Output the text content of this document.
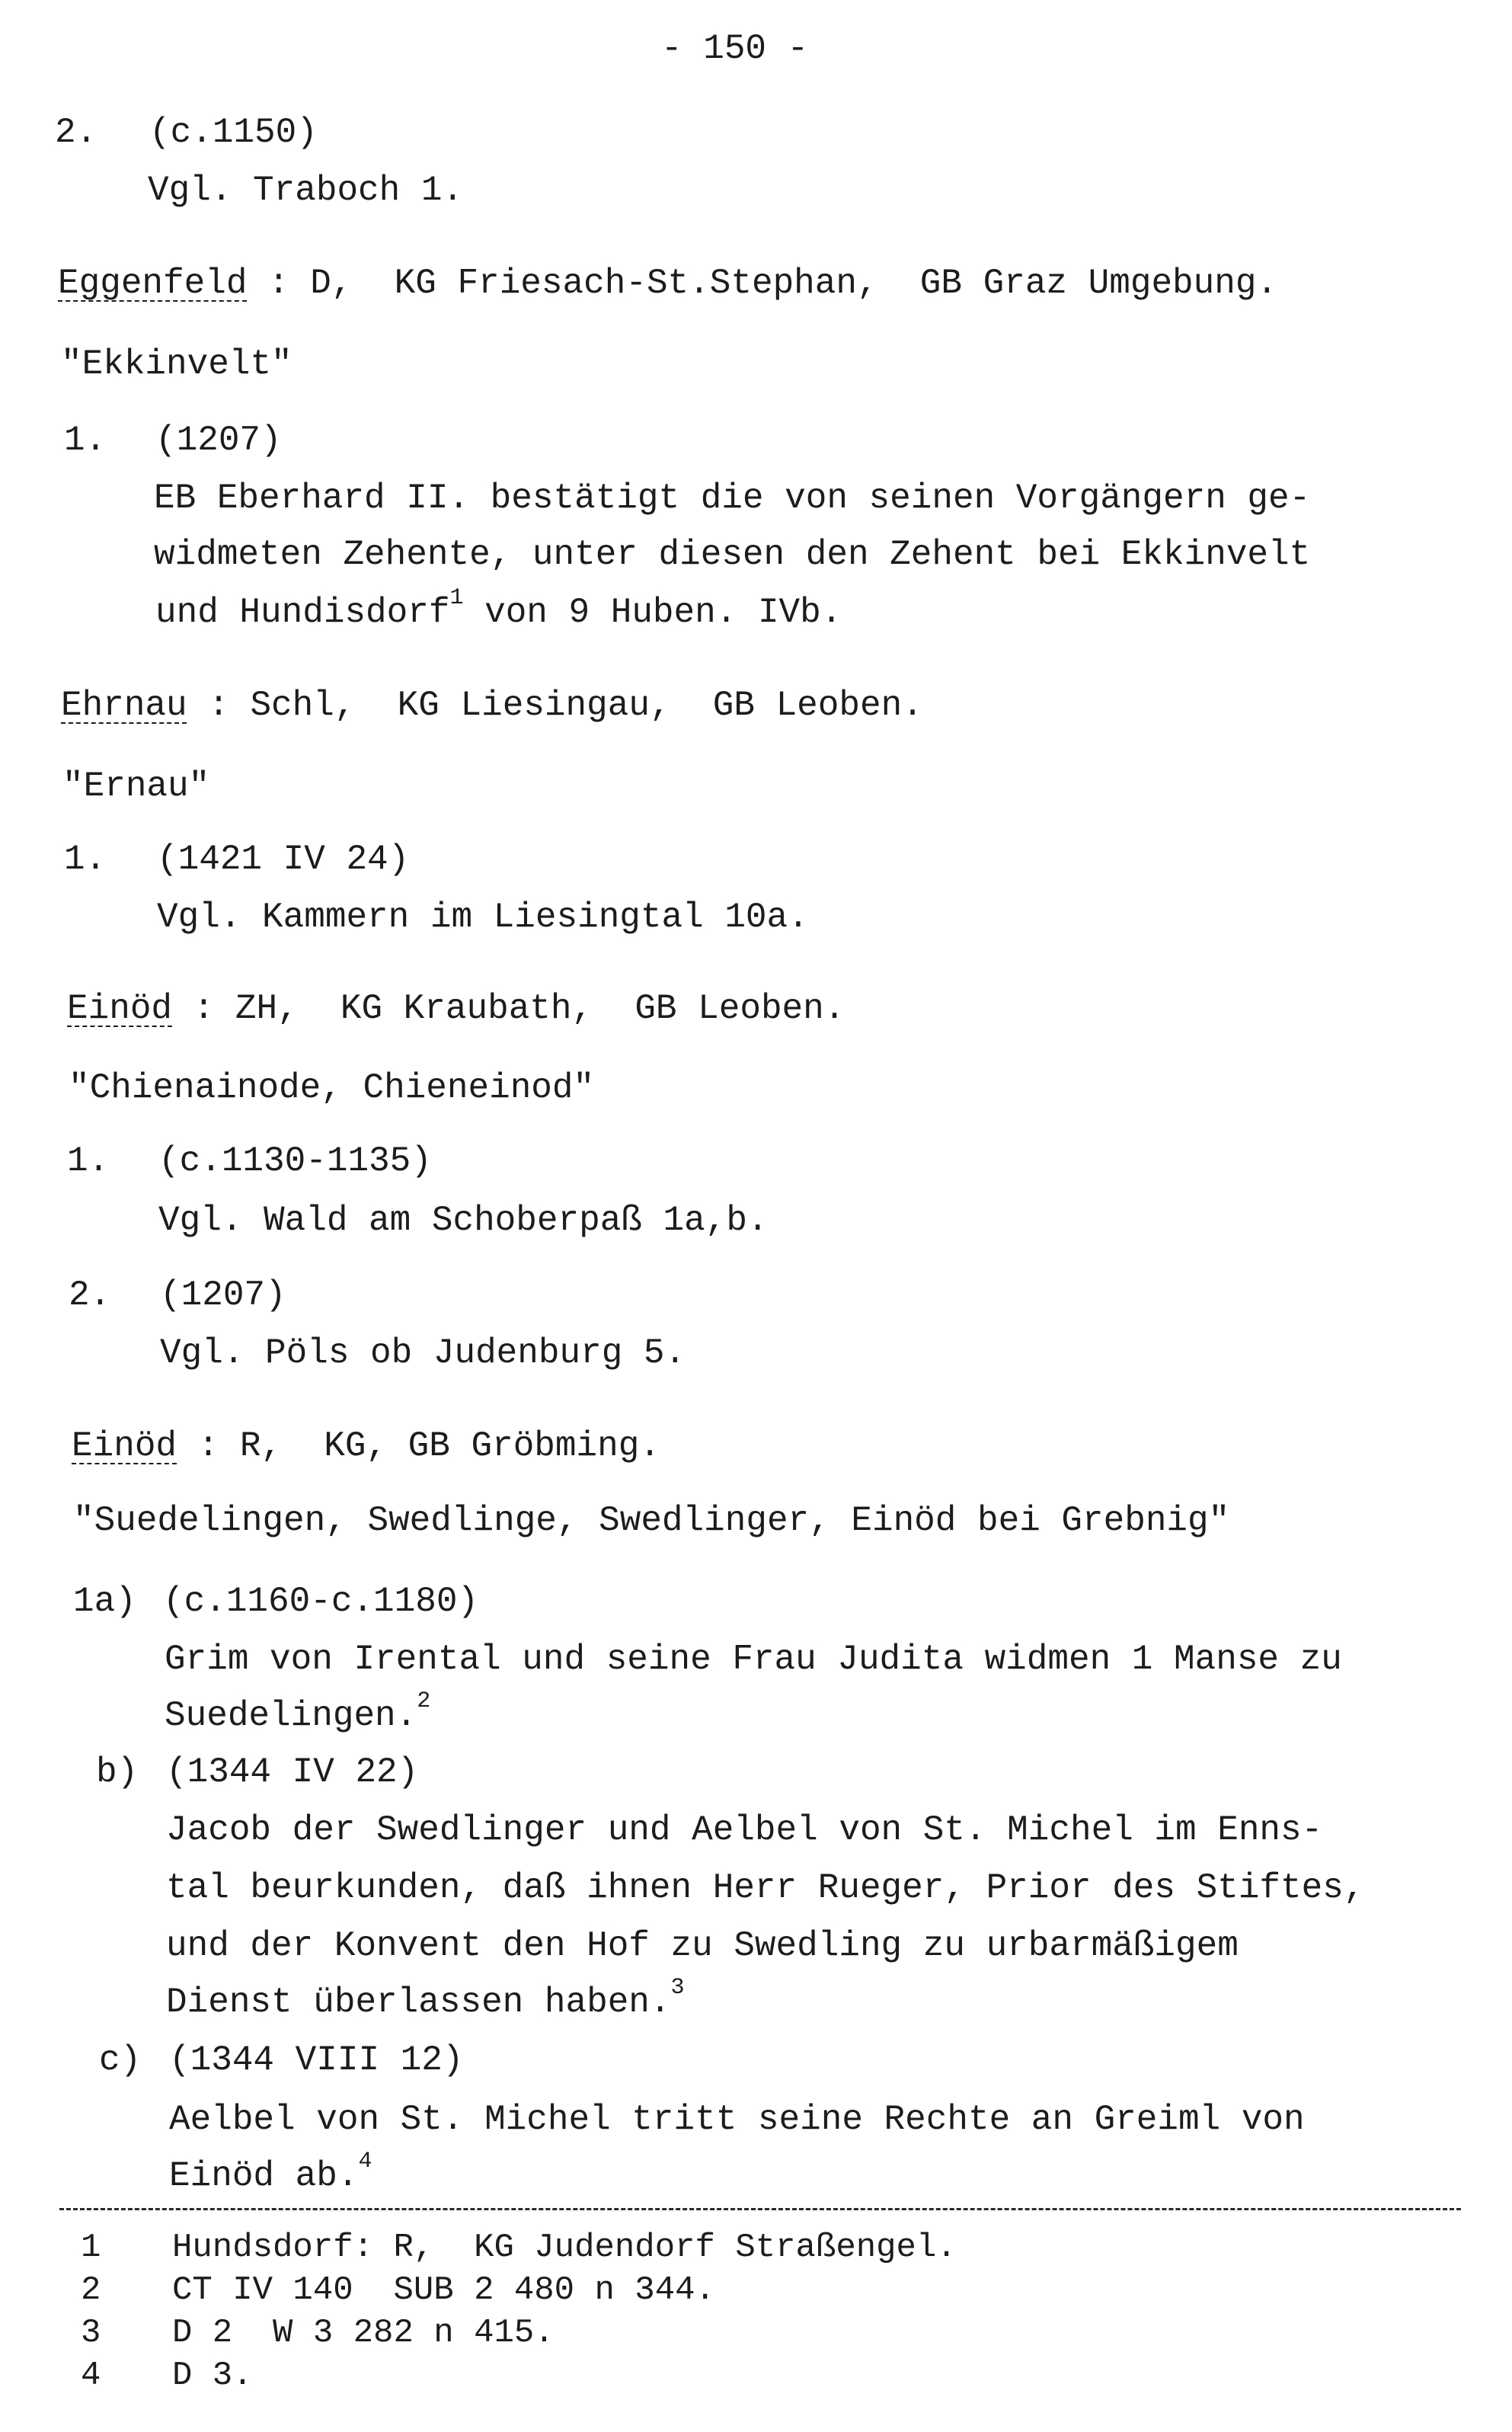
- 150 -
2. (c.1150)
Vgl. Traboch 1.
Eggenfeld : D,  KG Friesach-St.Stephan,  GB Graz Umgebung.
"Ekkinvelt"
1. (1207)
EB Eberhard II. bestätigt die von seinen Vorgängern ge-
widmeten Zehente, unter diesen den Zehent bei Ekkinvelt
und Hundisdorf$^1$ von 9 Huben. IVb.
Ehrnau : Schl,  KG Liesingau,  GB Leoben.
"Ernau"
1. (1421 IV 24)
Vgl. Kammern im Liesingtal 10a.
Einöd : ZH,  KG Kraubath,  GB Leoben.
"Chienainode, Chieneinod"
1. (c.1130-1135)
Vgl. Wald am Schoberpaß 1a,b.
2. (1207)
Vgl. Pöls ob Judenburg 5.
Einöd : R,  KG, GB Gröbming.
"Suedelingen, Swedlinge, Swedlinger, Einöd bei Grebnig"
1a) (c.1160-c.1180)
Grim von Irental und seine Frau Judita widmen 1 Manse zu
Suedelingen.$^2$
b) (1344 IV 22)
Jacob der Swedlinger und Aelbel von St. Michel im Enns-
tal beurkunden, daß ihnen Herr Rueger, Prior des Stiftes,
und der Konvent den Hof zu Swedling zu urbarmäßigem
Dienst überlassen haben.$^3$
c) (1344 VIII 12)
Aelbel von St. Michel tritt seine Rechte an Greiml von
Einöd ab.$^4$
1 Hundsdorf: R,  KG Judendorf Straßengel.
2 CT IV 140  SUB 2 480 n 344.
3 D 2  W 3 282 n 415.
4 D 3.
